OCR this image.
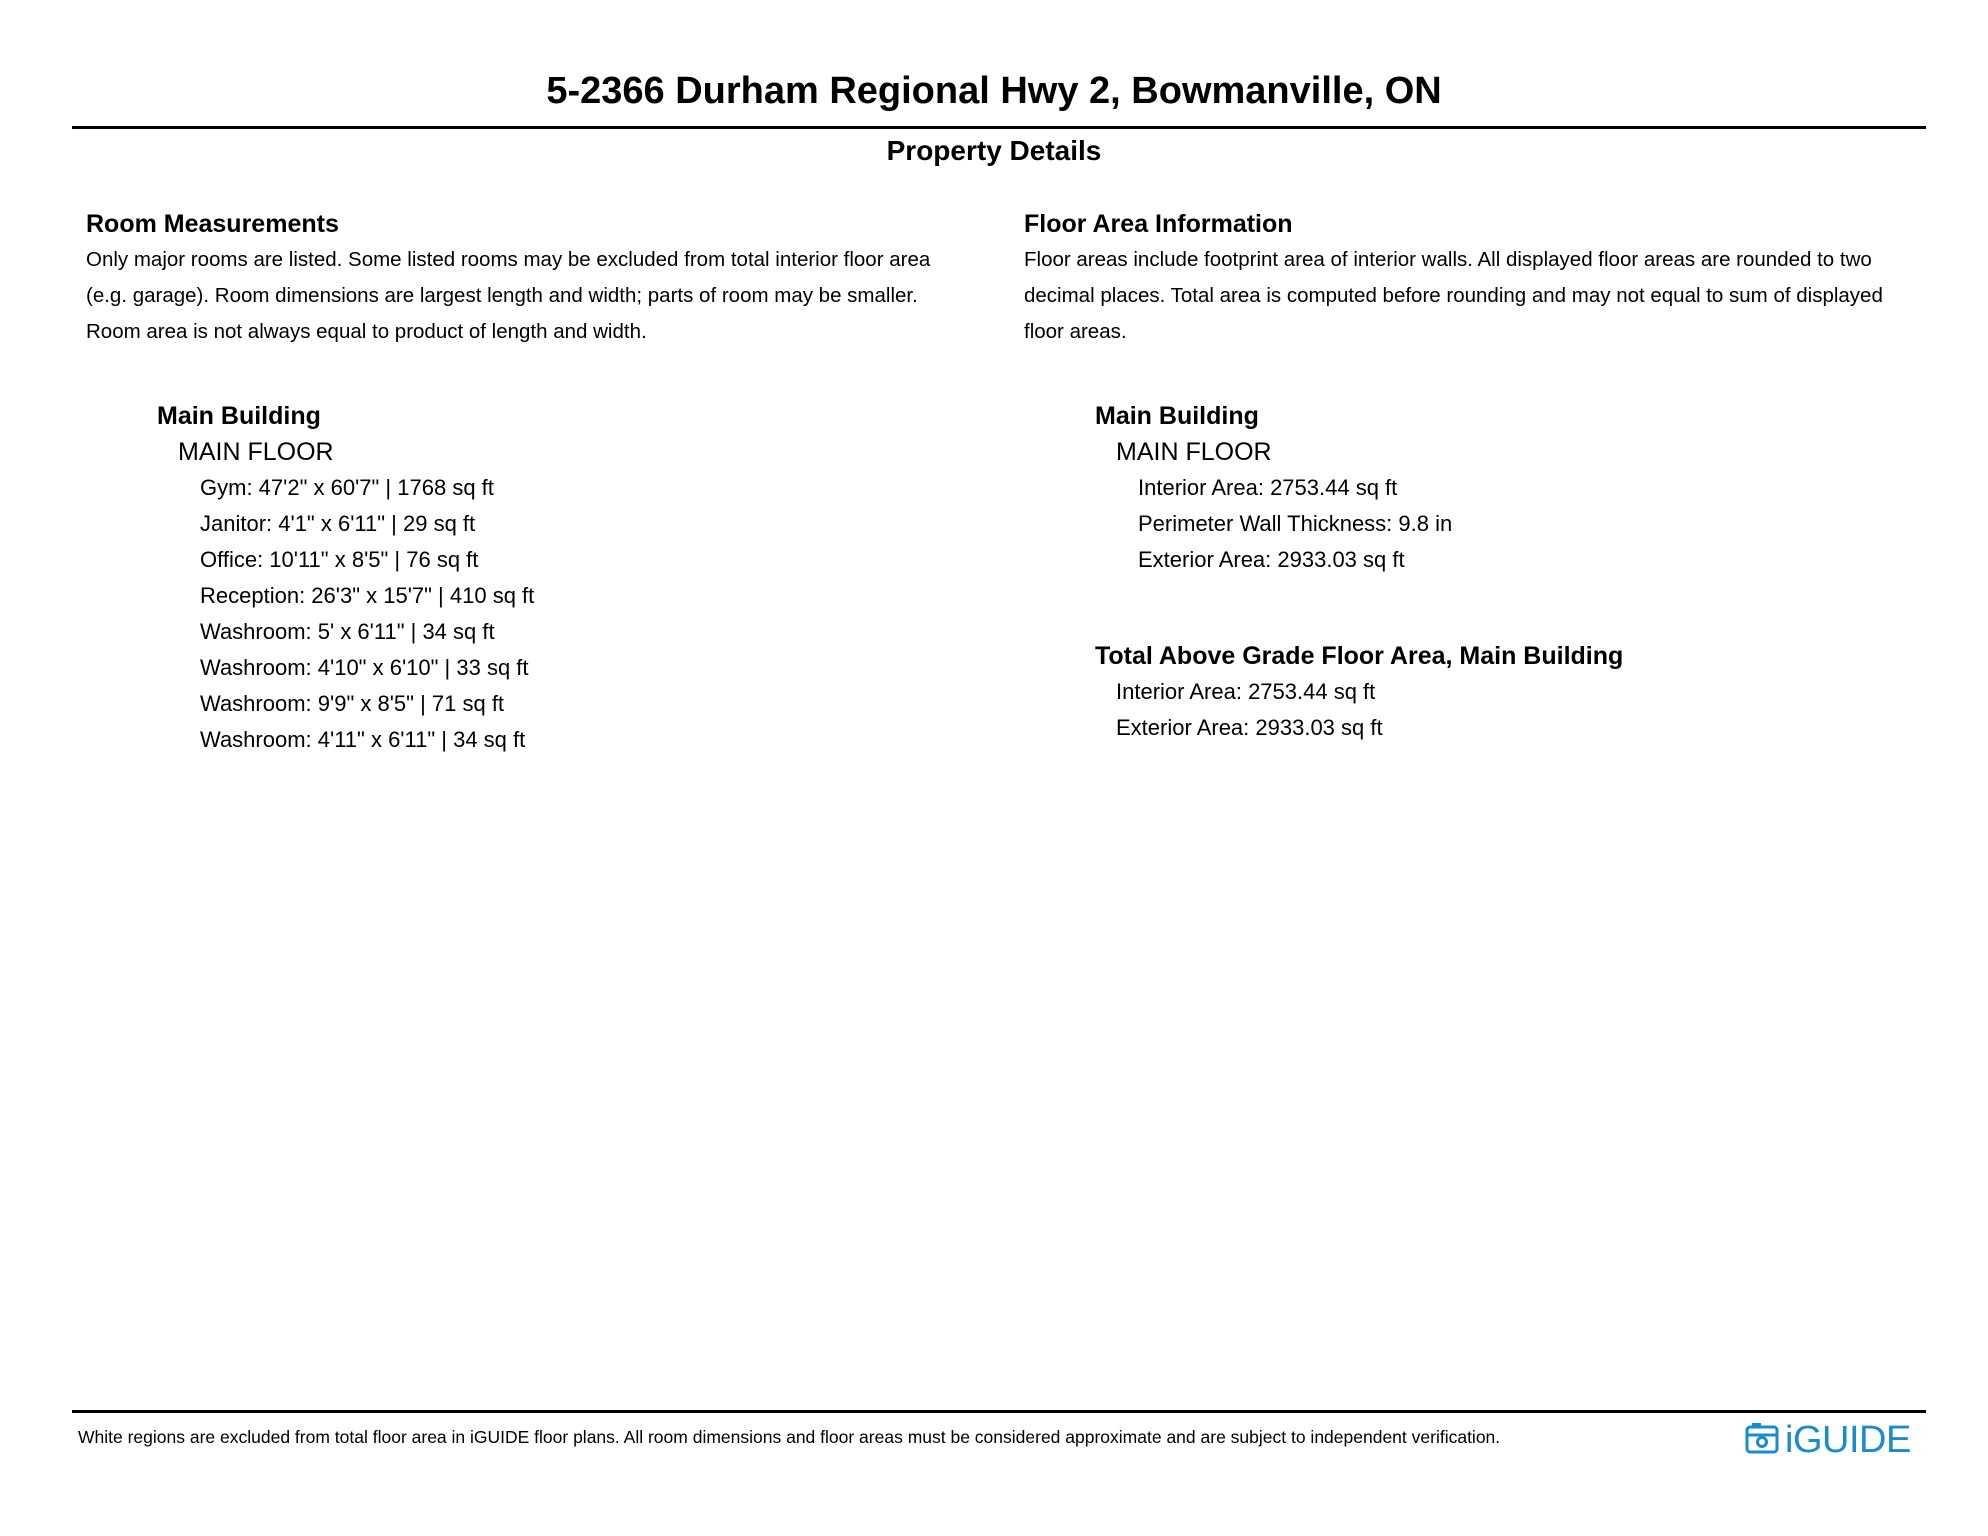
5-2366 Durham Regional Hwy 2, Bowmanville, ON
Property Details
Room Measurements
Only major rooms are listed. Some listed rooms may be excluded from total interior floor area
(e.g. garage). Room dimensions are largest length and width; parts of room may be smaller.
Room area is not always equal to product of length and width.
Main Building
MAIN FLOOR
Gym: 47'2" x 60'7" | 1768 sq ft
Janitor: 4'1" x 6'11" | 29 sq ft
Office: 10'11" x 8'5" | 76 sq ft
Reception: 26'3" x 15'7" | 410 sq ft
Washroom: 5' x 6'11" | 34 sq ft
Washroom: 4'10" x 6'10" | 33 sq ft
Washroom: 9'9" x 8'5" | 71 sq ft
Washroom: 4'11" x 6'11" | 34 sq ft
Floor Area Information
Floor areas include footprint area of interior walls. All displayed floor areas are rounded to two
decimal places. Total area is computed before rounding and may not equal to sum of displayed
floor areas.
Main Building
MAIN FLOOR
Interior Area: 2753.44 sq ft
Perimeter Wall Thickness: 9.8 in
Exterior Area: 2933.03 sq ft
Total Above Grade Floor Area, Main Building
Interior Area: 2753.44 sq ft
Exterior Area: 2933.03 sq ft
White regions are excluded from total floor area in iGUIDE floor plans. All room dimensions and floor areas must be considered approximate and are subject to independent verification.	iGUIDE
